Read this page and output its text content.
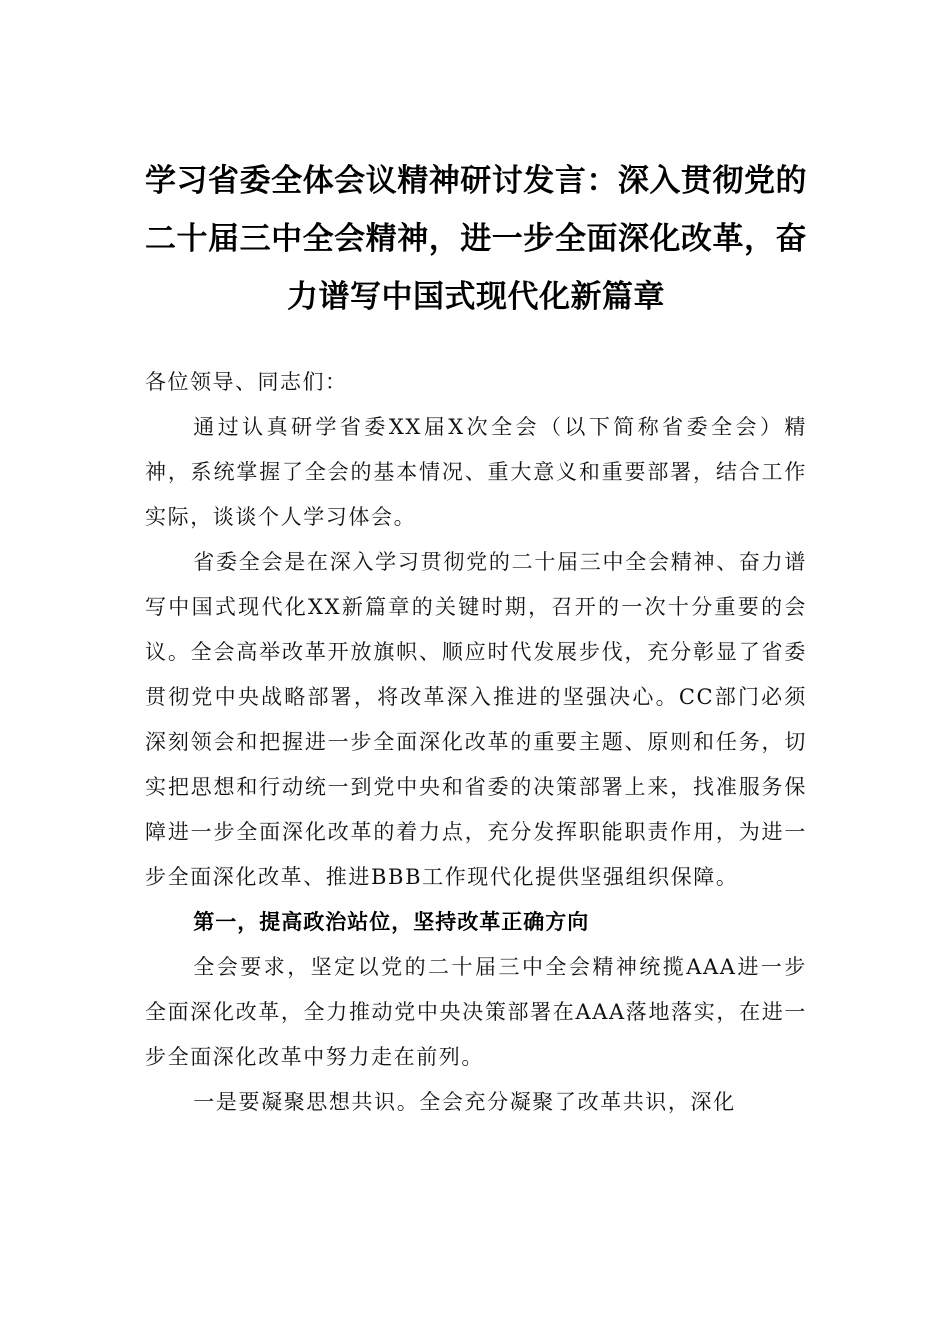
学习省委全体会议精神研讨发言：深入贯彻党的二十届三中全会精神，进一步全面深化改革，奋力谱写中国式现代化新篇章

各位领导、同志们：

通过认真研学省委XX届X次全会（以下简称省委全会）精神，系统掌握了全会的基本情况、重大意义和重要部署，结合工作实际，谈谈个人学习体会。

省委全会是在深入学习贯彻党的二十届三中全会精神、奋力谱写中国式现代化XX新篇章的关键时期，召开的一次十分重要的会议。全会高举改革开放旗帜、顺应时代发展步伐，充分彰显了省委贯彻党中央战略部署，将改革深入推进的坚强决心。CC部门必须深刻领会和把握进一步全面深化改革的重要主题、原则和任务，切实把思想和行动统一到党中央和省委的决策部署上来，找准服务保障进一步全面深化改革的着力点，充分发挥职能职责作用，为进一步全面深化改革、推进BBB工作现代化提供坚强组织保障。

第一，提高政治站位，坚持改革正确方向

全会要求，坚定以党的二十届三中全会精神统揽AAA进一步全面深化改革，全力推动党中央决策部署在AAA落地落实，在进一步全面深化改革中努力走在前列。

一是要凝聚思想共识。全会充分凝聚了改革共识，深化
